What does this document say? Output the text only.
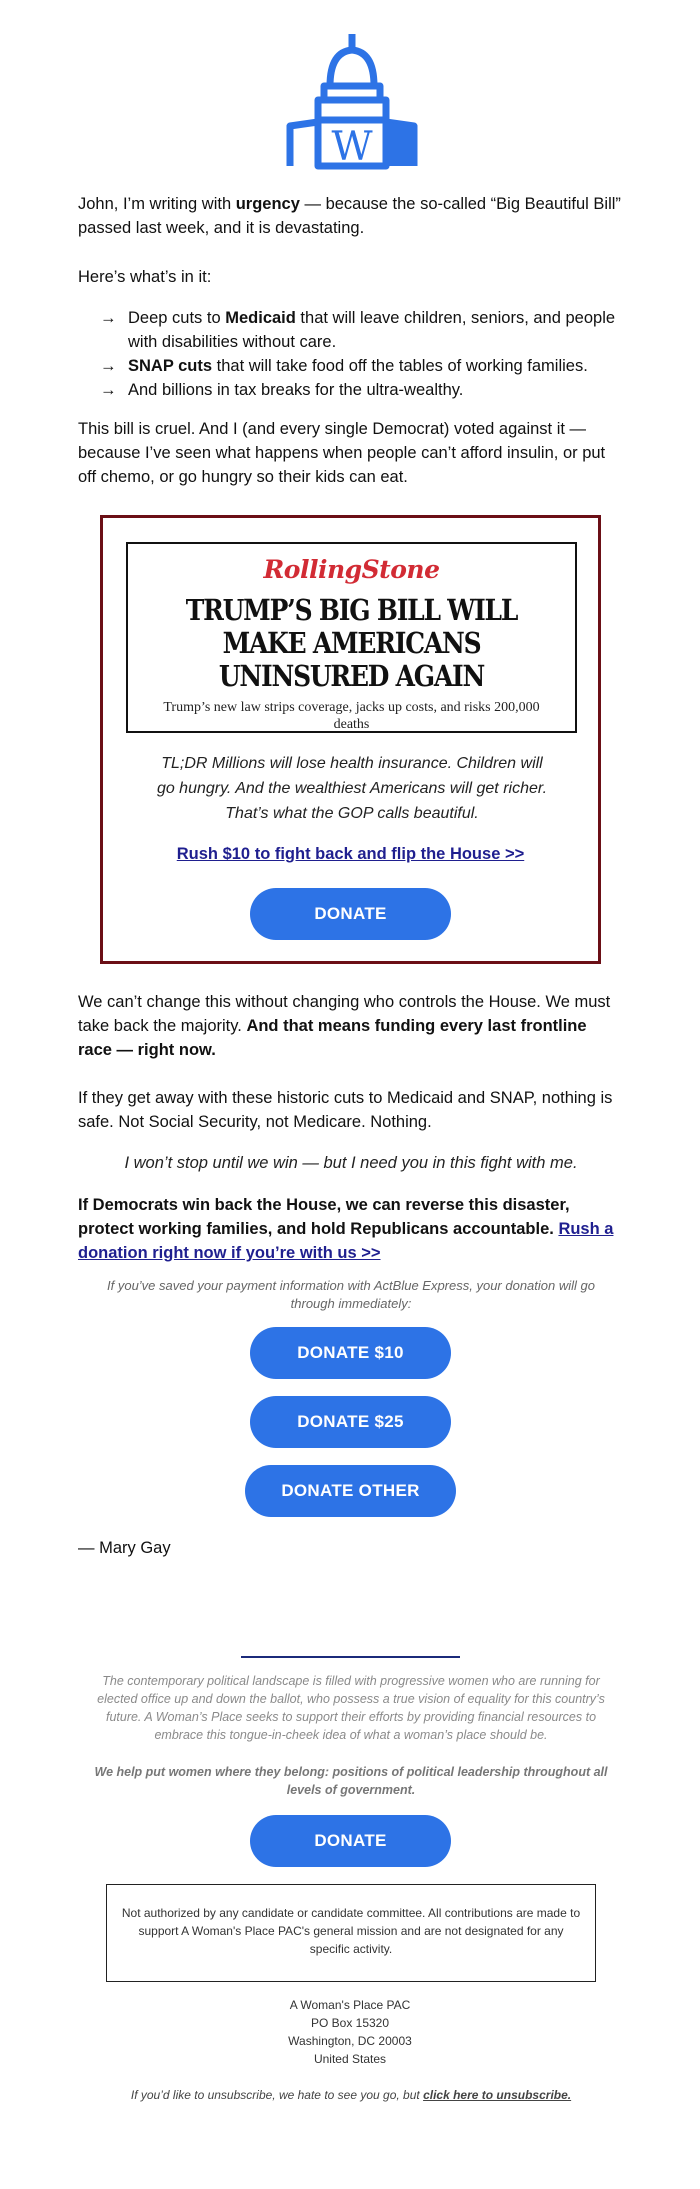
W

John, I’m writing with urgency — because the so-called “Big Beautiful Bill” passed last week, and it is devastating.

Here’s what’s in it:

→ Deep cuts to Medicaid that will leave children, seniors, and people with disabilities without care.
→ SNAP cuts that will take food off the tables of working families.
→ And billions in tax breaks for the ultra-wealthy.

This bill is cruel. And I (and every single Democrat) voted against it — because I’ve seen what happens when people can’t afford insulin, or put off chemo, or go hungry so their kids can eat.

RollingStone
TRUMP’S BIG BILL WILL MAKE AMERICANS UNINSURED AGAIN
Trump’s new law strips coverage, jacks up costs, and risks 200,000 deaths

TL;DR Millions will lose health insurance. Children will go hungry. And the wealthiest Americans will get richer. That’s what the GOP calls beautiful.

Rush $10 to fight back and flip the House >>
DONATE

We can’t change this without changing who controls the House. We must take back the majority. And that means funding every last frontline race — right now.

If they get away with these historic cuts to Medicaid and SNAP, nothing is safe. Not Social Security, not Medicare. Nothing.

I won’t stop until we win — but I need you in this fight with me.

If Democrats win back the House, we can reverse this disaster, protect working families, and hold Republicans accountable. Rush a donation right now if you’re with us >>

If you’ve saved your payment information with ActBlue Express, your donation will go through immediately:

DONATE $10
DONATE $25
DONATE OTHER

— Mary Gay

The contemporary political landscape is filled with progressive women who are running for elected office up and down the ballot, who possess a true vision of equality for this country’s future. A Woman’s Place seeks to support their efforts by providing financial resources to embrace this tongue-in-cheek idea of what a woman’s place should be.

We help put women where they belong: positions of political leadership throughout all levels of government.

DONATE
Not authorized by any candidate or candidate committee. All contributions are made to support A Woman's Place PAC's general mission and are not designated for any specific activity.
A Woman's Place PAC
PO Box 15320
Washington, DC 20003
United States

If you’d like to unsubscribe, we hate to see you go, but click here to unsubscribe.
